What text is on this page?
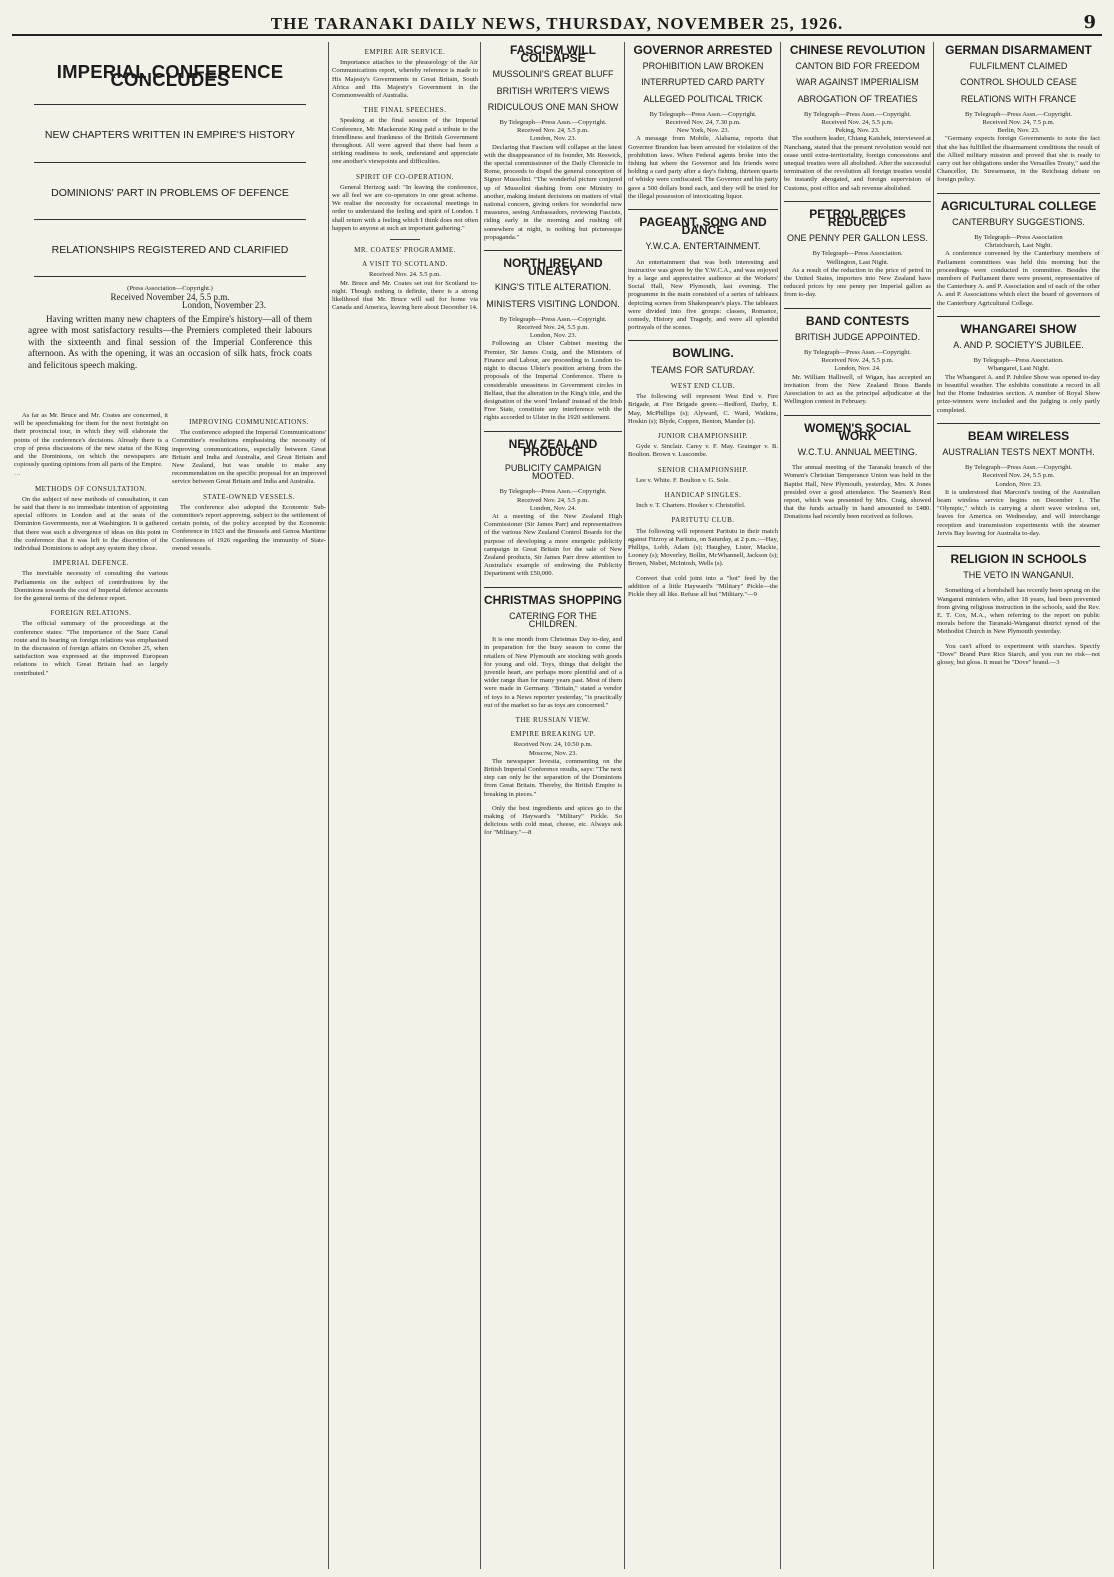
THE TARANAKI DAILY NEWS, THURSDAY, NOVEMBER 25, 1926.	9
IMPERIAL CONFERENCE CONCLUDES
NEW CHAPTERS WRITTEN IN EMPIRE'S HISTORY
DOMINIONS' PART IN PROBLEMS OF DEFENCE
RELATIONSHIPS REGISTERED AND CLARIFIED
(Press Association—Copyright.)
Received November 24, 5.5 p.m.
London, November 23.
Having written many new chapters of the Empire's history—all of them agree with most satisfactory results—the Premiers completed their labours with the sixteenth and final session of the Imperial Conference this afternoon. As with the opening, it was an occasion of silk hats, frock coats and felicitous speech making.

As far as Mr. Bruce and Mr. Coates are concerned, it will be speechmaking for them for the next fortnight on their provincial tour, in which they will elaborate the points of the conference's decisions. Already there is a crop of press discussions of the new status of the King and the Dominions, on which the newspapers are copiously quoting opinions from all parts of the Empire.

…
METHODS OF CONSULTATION.

On the subject of new methods of consultation, it can be said that there is no immediate intention of appointing special officers in London and at the seats of the Dominion Governments, nor at Washington. It is gathered that there was such a divergence of ideas on this point in the conference that it was left to the discretion of the individual Dominions to adopt any system they chose.

IMPERIAL DEFENCE.

The inevitable necessity of consulting the various Parliaments on the subject of contributions by the Dominions towards the cost of Imperial defence accounts for the general terms of the defence report.

FOREIGN RELATIONS.

The official summary of the proceedings at the conference states: "The importance of the Suez Canal route and its bearing on foreign relations was emphasised in the discussion of foreign affairs on October 25, when satisfaction was expressed at the improved European relations to which Great Britain had so largely contributed."

IMPROVING COMMUNICATIONS.

The conference adopted the Imperial Communications' Committee's resolutions emphasising the necessity of improving communications, especially between Great Britain and India and Australia, and Great Britain and New Zealand, but was unable to make any recommendation on the specific proposal for an improved service between Great Britain and India and Australia.

STATE-OWNED VESSELS.

The conference also adopted the Economic Sub-committee's report approving, subject to the settlement of certain points, of the policy accepted by the Economic Conference in 1923 and the Brussels and Genoa Maritime Conferences of 1926 regarding the immunity of State-owned vessels.

EMPIRE AIR SERVICE.

Importance attaches to the phraseology of the Air Communications report, whereby reference is made to His Majesty's Governments in Great Britain, South Africa and His Majesty's Government in the Commonwealth of Australia.

THE FINAL SPEECHES.

Speaking at the final session of the Imperial Conference, Mr. Mackenzie King paid a tribute to the friendliness and frankness of the British Government throughout. All were agreed that there had been a striking readiness to seek, understand and appreciate one another's viewpoints and difficulties.

SPIRIT OF CO-OPERATION.

General Hertzog said: "In leaving the conference, we all feel we are co-operators in one great scheme. We realise the necessity for occasional meetings in order to understand the feeling and spirit of London. I shall return with a feeling which I think does not often happen to anyone at such an important gathering."

MR. COATES' PROGRAMME.
A VISIT TO SCOTLAND.
Received Nov. 24. 5.5 p.m.

Mr. Bruce and Mr. Coates set out for Scotland to-night. Though nothing is definite, there is a strong likelihood that Mr. Bruce will sail for home via Canada and America, leaving here about December 14.

FASCISM WILL COLLAPSE
MUSSOLINI'S GREAT BLUFF
BRITISH WRITER'S VIEWS
RIDICULOUS ONE MAN SHOW
By Telegraph—Press Assn.—Copyright.
Received Nov. 24, 5.5 p.m.
London, Nov. 23.

Declaring that Fascism will collapse at the latest with the disappearance of its founder, Mr. Reswick, the special commissioner of the Daily Chronicle in Rome, proceeds to dispel the general conception of Signor Mussolini. "The wonderful picture conjured up of Mussolini dashing from one Ministry to another, making instant decisions on matters of vital national concern, giving orders for wonderful new measures, seeing Ambassadors, reviewing Fascists, riding early in the morning and rushing off somewhere at night, is nothing but picturesque propaganda."

NORTH IRELAND UNEASY
KING'S TITLE ALTERATION.
MINISTERS VISITING LONDON.
By Telegraph—Press Assn.—Copyright.
Received Nov. 24, 5.5 p.m.
London, Nov. 23.

Following an Ulster Cabinet meeting the Premier, Sir James Craig, and the Ministers of Finance and Labour, are proceeding to London to-night to discuss Ulster's position arising from the proposals of the Imperial Conference. There is considerable uneasiness in Government circles in Belfast, that the alteration in the King's title, and the designation of the word 'Ireland' instead of the Irish Free State, constitute any interference with the rights accorded to Ulster in the 1920 settlement.

NEW ZEALAND PRODUCE
PUBLICITY CAMPAIGN MOOTED.
By Telegraph—Press Assn.—Copyright.
Received Nov. 24, 5.5 p.m.
London, Nov. 24.

At a meeting of the New Zealand High Commissioner (Sir James Parr) and representatives of the various New Zealand Control Boards for the purpose of developing a more energetic publicity campaign in Great Britain for the sale of New Zealand products, Sir James Parr drew attention to Australia's example of endowing the Publicity Department with £50,000.

CHRISTMAS SHOPPING
CATERING FOR THE CHILDREN.

It is one month from Christmas Day to-day, and in preparation for the busy season to come the retailers of New Plymouth are stocking with goods for young and old. Toys, things that delight the juvenile heart, are perhaps more plentiful and of a wider range than for many years past. Most of them were made in Germany. "Britain," stated a vendor of toys to a News reporter yesterday, "is practically out of the market so far as toys are concerned."

THE RUSSIAN VIEW.
EMPIRE BREAKING UP.
Received Nov. 24, 10.50 p.m.
Moscow, Nov. 23.

The newspaper Isvestia, commenting on the British Imperial Conference results, says: "The next step can only be the separation of the Dominions from Great Britain. Thereby, the British Empire is breaking in pieces."

Only the best ingredients and spices go to the making of Hayward's "Military" Pickle. So delicious with cold meat, cheese, etc. Always ask for "Military."—8

GOVERNOR ARRESTED
PROHIBITION LAW BROKEN
INTERRUPTED CARD PARTY
ALLEGED POLITICAL TRICK
By Telegraph—Press Assn.—Copyright.
Received Nov. 24, 7.30 p.m.
New York, Nov. 23.

A message from Mobile, Alabama, reports that Governor Brandon has been arrested for violation of the prohibition laws. When Federal agents broke into the fishing hut where the Governor and his friends were holding a card party after a day's fishing, thirteen quarts of whisky were confiscated. The Governor and his party gave a 500 dollars bond each, and they will be tried for the illegal possession of intoxicating liquor.

PAGEANT, SONG AND DANCE
Y.W.C.A. ENTERTAINMENT.

An entertainment that was both interesting and instructive was given by the Y.W.C.A., and was enjoyed by a large and appreciative audience at the Workers' Social Hall, New Plymouth, last evening. The programme in the main consisted of a series of tableaux depicting scenes from Shakespeare's plays. The tableaux were divided into five groups: classes, Romance, comedy, History and Tragedy, and were all splendid portrayals of the scenes.

BOWLING.
TEAMS FOR SATURDAY.
WEST END CLUB.

The following will represent West End v. Fire Brigade, at Fire Brigade green:—Bedford, Darby, E. May, McPhillips (s); Alyward, C. Ward, Watkins, Hoskin (s); Blyde, Coppen, Benton, Mander (s).

JUNIOR CHAMPIONSHIP.

Gyde v. Sinclair. Carey v. F. May. Grainger v. B. Boulton. Brown v. Luscombe.

SENIOR CHAMPIONSHIP.

Lee v. White. F. Boulton v. G. Sole.

HANDICAP SINGLES.

Inch v. T. Charters. Hooker v. Christoffel.

PARITUTU CLUB.

The following will represent Paritutu in their match against Fitzroy at Paritutu, on Saturday, at 2 p.m.:—Hay, Phillips, Lobb, Adam (s); Haughey, Lister, Mackie, Looney (s); Moverley, Bollin, McWhannell, Jackson (s); Brown, Nisbet, McIntosh, Wells (s).

Convert that cold joint into a "hot" feed by the addition of a little Hayward's "Military" Pickle—the Pickle they all like. Refuse all but "Military."—9

CHINESE REVOLUTION
CANTON BID FOR FREEDOM
WAR AGAINST IMPERIALISM
ABROGATION OF TREATIES
By Telegraph—Press Assn.—Copyright.
Received Nov. 24, 5.5 p.m.
Peking, Nov. 23.

The southern leader, Chiang Kaishek, interviewed at Nanchang, stated that the present revolution would not cease until extra-territoriality, foreign concessions and unequal treaties were all abolished. After the successful termination of the revolution all foreign treaties would be instantly abrogated, and foreign supervision of Customs, post office and salt revenue abolished.

PETROL PRICES REDUCED
ONE PENNY PER GALLON LESS.
By Telegraph—Press Association.
Wellington, Last Night.

As a result of the reduction in the price of petrol in the United States, importers into New Zealand have reduced prices by one penny per Imperial gallon as from to-day.

BAND CONTESTS
BRITISH JUDGE APPOINTED.
By Telegraph—Press Assn.—Copyright.
Received Nov. 24, 5.5 p.m.
London, Nov. 24.

Mr. William Halliwell, of Wigan, has accepted an invitation from the New Zealand Brass Bands Association to act as the principal adjudicator at the Wellington contest in February.

WOMEN'S SOCIAL WORK
W.C.T.U. ANNUAL MEETING.

The annual meeting of the Taranaki branch of the Women's Christian Temperance Union was held in the Baptist Hall, New Plymouth, yesterday, Mrs. X Jones presided over a good attendance. The Seamen's Rest report, which was presented by Mrs. Craig, showed that the funds actually in hand amounted to £480. Donations had recently been received as follows.

GERMAN DISARMAMENT
FULFILMENT CLAIMED
CONTROL SHOULD CEASE
RELATIONS WITH FRANCE
By Telegraph—Press Assn.—Copyright.
Received Nov. 24, 7.5 p.m.
Berlin, Nov. 23.

"Germany expects foreign Governments to note the fact that she has fulfilled the disarmament conditions the result of the Allied military mission and proved that she is ready to carry out her obligations under the Versailles Treaty," said the Chancellor, Dr. Stresemann, in the Reichstag debate on foreign policy.

AGRICULTURAL COLLEGE
CANTERBURY SUGGESTIONS.
By Telegraph—Press Association
Christchurch, Last Night.

A conference convened by the Canterbury members of Parliament committees was held this morning but the proceedings were conducted in committee. Besides the members of Parliament there were present, representative of the Canterbury A. and P. Association and of each of the other A. and P. Associations which elect the board of governors of the Canterbury Agricultural College.

WHANGAREI SHOW
A. AND P. SOCIETY'S JUBILEE.
By Telegraph—Press Association.
Whangarei, Last Night.

The Whangarei A. and P. Jubilee Show was opened to-day in beautiful weather. The exhibits constitute a record in all but the Home Industries section. A number of Royal Show prize-winners were included and the judging is only partly completed.

BEAM WIRELESS
AUSTRALIAN TESTS NEXT MONTH.
By Telegraph—Press Assn.—Copyright.
Received Nov. 24, 5.5 p.m.
London, Nov. 23.

It is understood that Marconi's testing of the Australian beam wireless service begins on December 1. The "Olympic," which is carrying a short wave wireless set, leaves for America on Wednesday, and will interchange reception and transmission experiments with the steamer Jervis Bay leaving for Australia to-day.

RELIGION IN SCHOOLS
THE VETO IN WANGANUI.

Something of a bombshell has recently been sprung on the Wanganui ministers who, after 18 years, had been prevented from giving religious instruction in the schools, said the Rev. E. T. Cox, M.A., when referring to the report on public morals before the Taranaki-Wanganui district synod of the Methodist Church in New Plymouth yesterday.

You can't afford to experiment with starches. Specify "Dove" Brand Pure Rice Starch, and you run no risk—not glossy, but gloss. It must be "Dove" brand.—3
